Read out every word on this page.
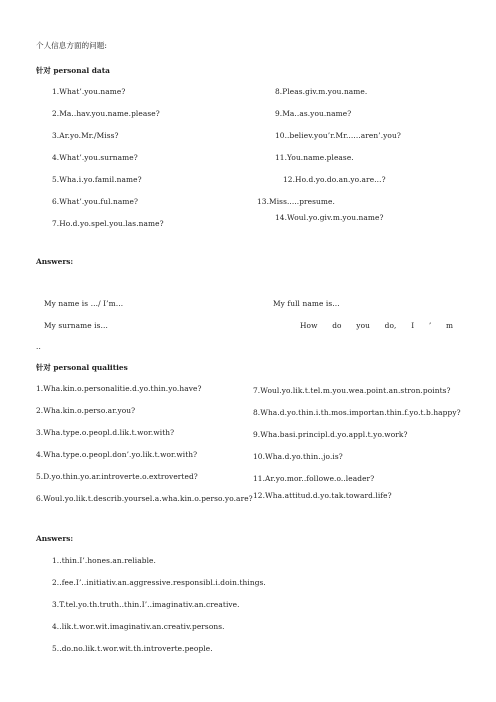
个人信息方面的问题:
针对 personal data
1.What’.you.name?
2.Ma..hav.you.name.please?
3.Ar.yo.Mr./Miss?
4.What’.you.surname?
5.Wha.i.yo.famil.name?
6.What’.you.ful.name?
7.Ho.d.yo.spel.you.las.name?
8.Pleas.giv.m.you.name.
9.Ma..as.you.name?
10..believ.you’r.Mr.…..aren’.you?
11.You.name.please.
12.Ho.d.yo.do.an.yo.are…?
13.Miss.....presume.
14.Woul.yo.giv.m.you.name?
Answers:
My name is …/ I’m…
My surname is…
My full name is…
How      do      you      do,      I      ’      m
..
针对 personal qualities
1.Wha.kin.o.personalitie.d.yo.thin.yo.have?
2.Wha.kin.o.perso.ar.you?
3.Wha.type.o.peopl.d.lik.t.wor.with?
4.Wha.type.o.peopl.don’.yo.lik.t.wor.with?
5.D.yo.thin.yo.ar.introverte.o.extroverted?
6.Woul.yo.lik.t.describ.yoursel.a.wha.kin.o.perso.yo.are?
7.Woul.yo.lik.t.tel.m.you.wea.point.an.stron.points?
8.Wha.d.yo.thin.i.th.mos.importan.thin.f.yo.t.b.happy?
9.Wha.basi.principl.d.yo.appl.t.yo.work?
10.Wha.d.yo.thin..jo.is?
11.Ar.yo.mor..followe.o..leader?
12.Wha.attitud.d.yo.tak.toward.life?
Answers:
1..thin.I’.hones.an.reliable.
2..fee.I’..initiativ.an.aggressive.responsibl.i.doin.things.
3.T.tel.yo.th.truth..thin.I’..imaginativ.an.creative.
4..lik.t.wor.wit.imaginativ.an.creativ.persons.
5..do.no.lik.t.wor.wit.th.introverte.people.
